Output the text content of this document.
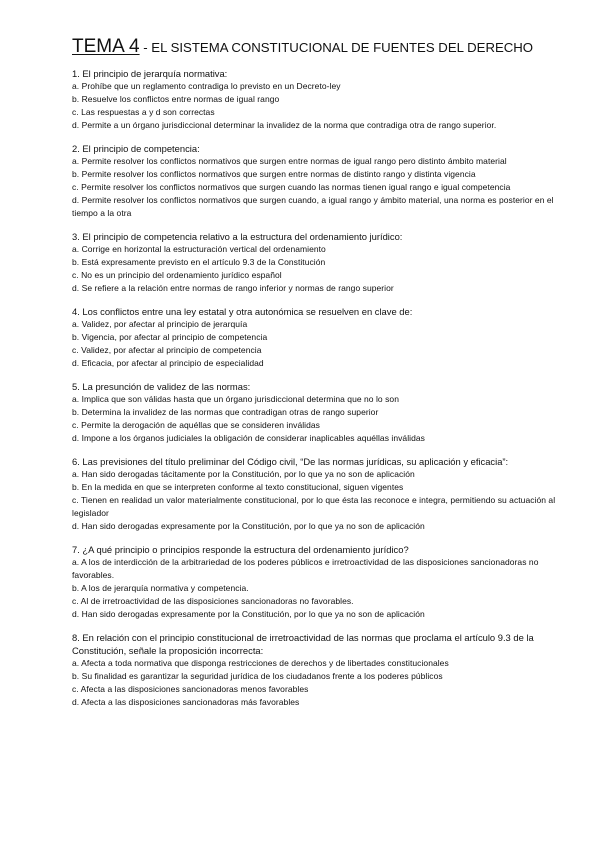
TEMA 4 - EL SISTEMA CONSTITUCIONAL DE FUENTES DEL DERECHO
1. El principio de jerarquía normativa:
a. Prohíbe que un reglamento contradiga lo previsto en un Decreto-ley
b. Resuelve los conflictos entre normas de igual rango
c. Las respuestas a y d son correctas
d. Permite a un órgano jurisdiccional determinar la invalidez de la norma que contradiga otra de rango superior.
2. El principio de competencia:
a. Permite resolver los conflictos normativos que surgen entre normas de igual rango pero distinto ámbito material
b. Permite resolver los conflictos normativos que surgen entre normas de distinto rango y distinta vigencia
c. Permite resolver los conflictos normativos que surgen cuando las normas tienen igual rango e igual competencia
d. Permite resolver los conflictos normativos que surgen cuando, a igual rango y ámbito material, una norma es posterior en el tiempo a la otra
3. El principio de competencia relativo a la estructura del ordenamiento jurídico:
a. Corrige en horizontal la estructuración vertical del ordenamiento
b. Está expresamente previsto en el artículo 9.3 de la Constitución
c. No es un principio del ordenamiento jurídico español
d. Se refiere a la relación entre normas de rango inferior y normas de rango superior
4. Los conflictos entre una ley estatal y otra autonómica se resuelven en clave de:
a. Validez, por afectar al principio de jerarquía
b. Vigencia, por afectar al principio de competencia
c. Validez, por afectar al principio de competencia
d. Eficacia, por afectar al principio de especialidad
5. La presunción de validez de las normas:
a. Implica que son válidas hasta que un órgano jurisdiccional determina que no lo son
b. Determina la invalidez de las normas que contradigan otras de rango superior
c. Permite la derogación de aquéllas que se consideren inválidas
d. Impone a los órganos judiciales la obligación de considerar inaplicables aquéllas inválidas
6. Las previsiones del título preliminar del Código civil, “De las normas jurídicas, su aplicación y eficacia”:
a. Han sido derogadas tácitamente por la Constitución, por lo que ya no son de aplicación
b. En la medida en que se interpreten conforme al texto constitucional, siguen vigentes
c. Tienen en realidad un valor materialmente constitucional, por lo que ésta las reconoce e integra, permitiendo su actuación al legislador
d. Han sido derogadas expresamente por la Constitución, por lo que ya no son de aplicación
7. ¿A qué principio o principios responde la estructura del ordenamiento jurídico?
a. A los de interdicción de la arbitrariedad de los poderes públicos e irretroactividad de las disposiciones sancionadoras no favorables.
b. A los de jerarquía normativa y competencia.
c. Al de irretroactividad de las disposiciones sancionadoras no favorables.
d. Han sido derogadas expresamente por la Constitución, por lo que ya no son de aplicación
8. En relación con el principio constitucional de irretroactividad de las normas que proclama el artículo 9.3 de la Constitución, señale la proposición incorrecta:
a. Afecta a toda normativa que disponga restricciones de derechos y de libertades constitucionales
b. Su finalidad es garantizar la seguridad jurídica de los ciudadanos frente a los poderes públicos
c. Afecta a las disposiciones sancionadoras menos favorables
d. Afecta a las disposiciones sancionadoras más favorables
